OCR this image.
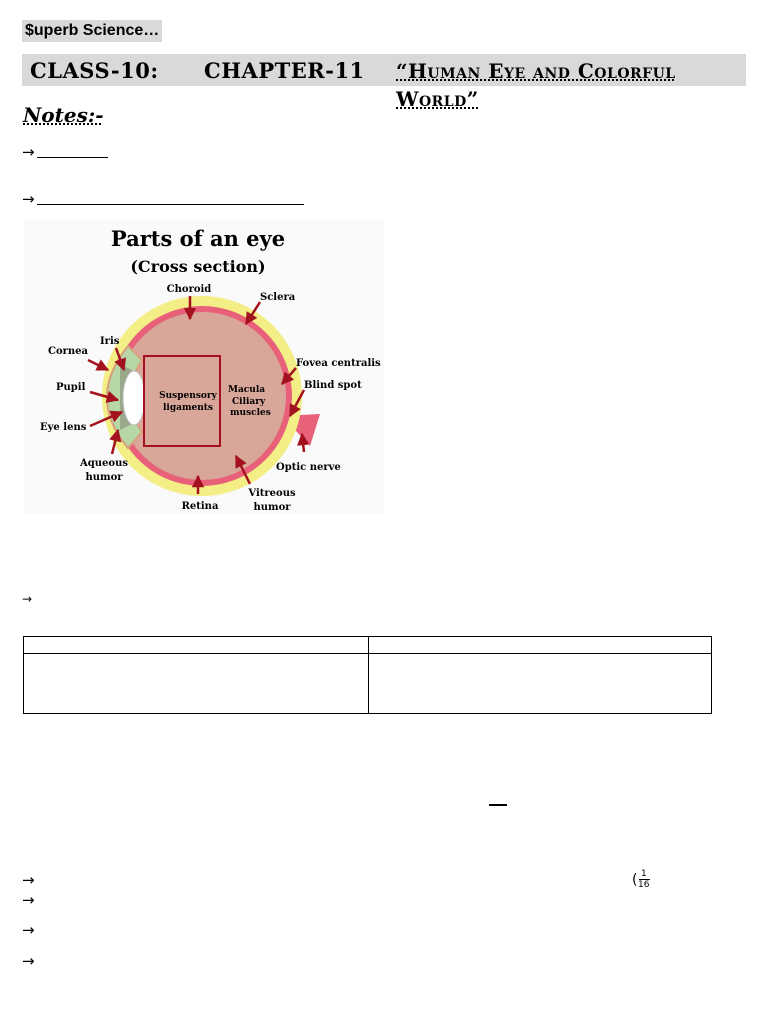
$uperb Science…
CLASS-10: CHAPTER-11 “Human Eye and Colorful World”
Notes:-
→
→
Parts of an eye
(Cross section)
Choroid
Sclera
Iris
Cornea
Pupil
Eye lens
Aqueous
humor
Suspensory
ligaments
Macula
Ciliary
muscles
Fovea centralis
Blind spot
Optic nerve
Vitreous
humor
Retina
→
→
→
→
→
( 1
16
